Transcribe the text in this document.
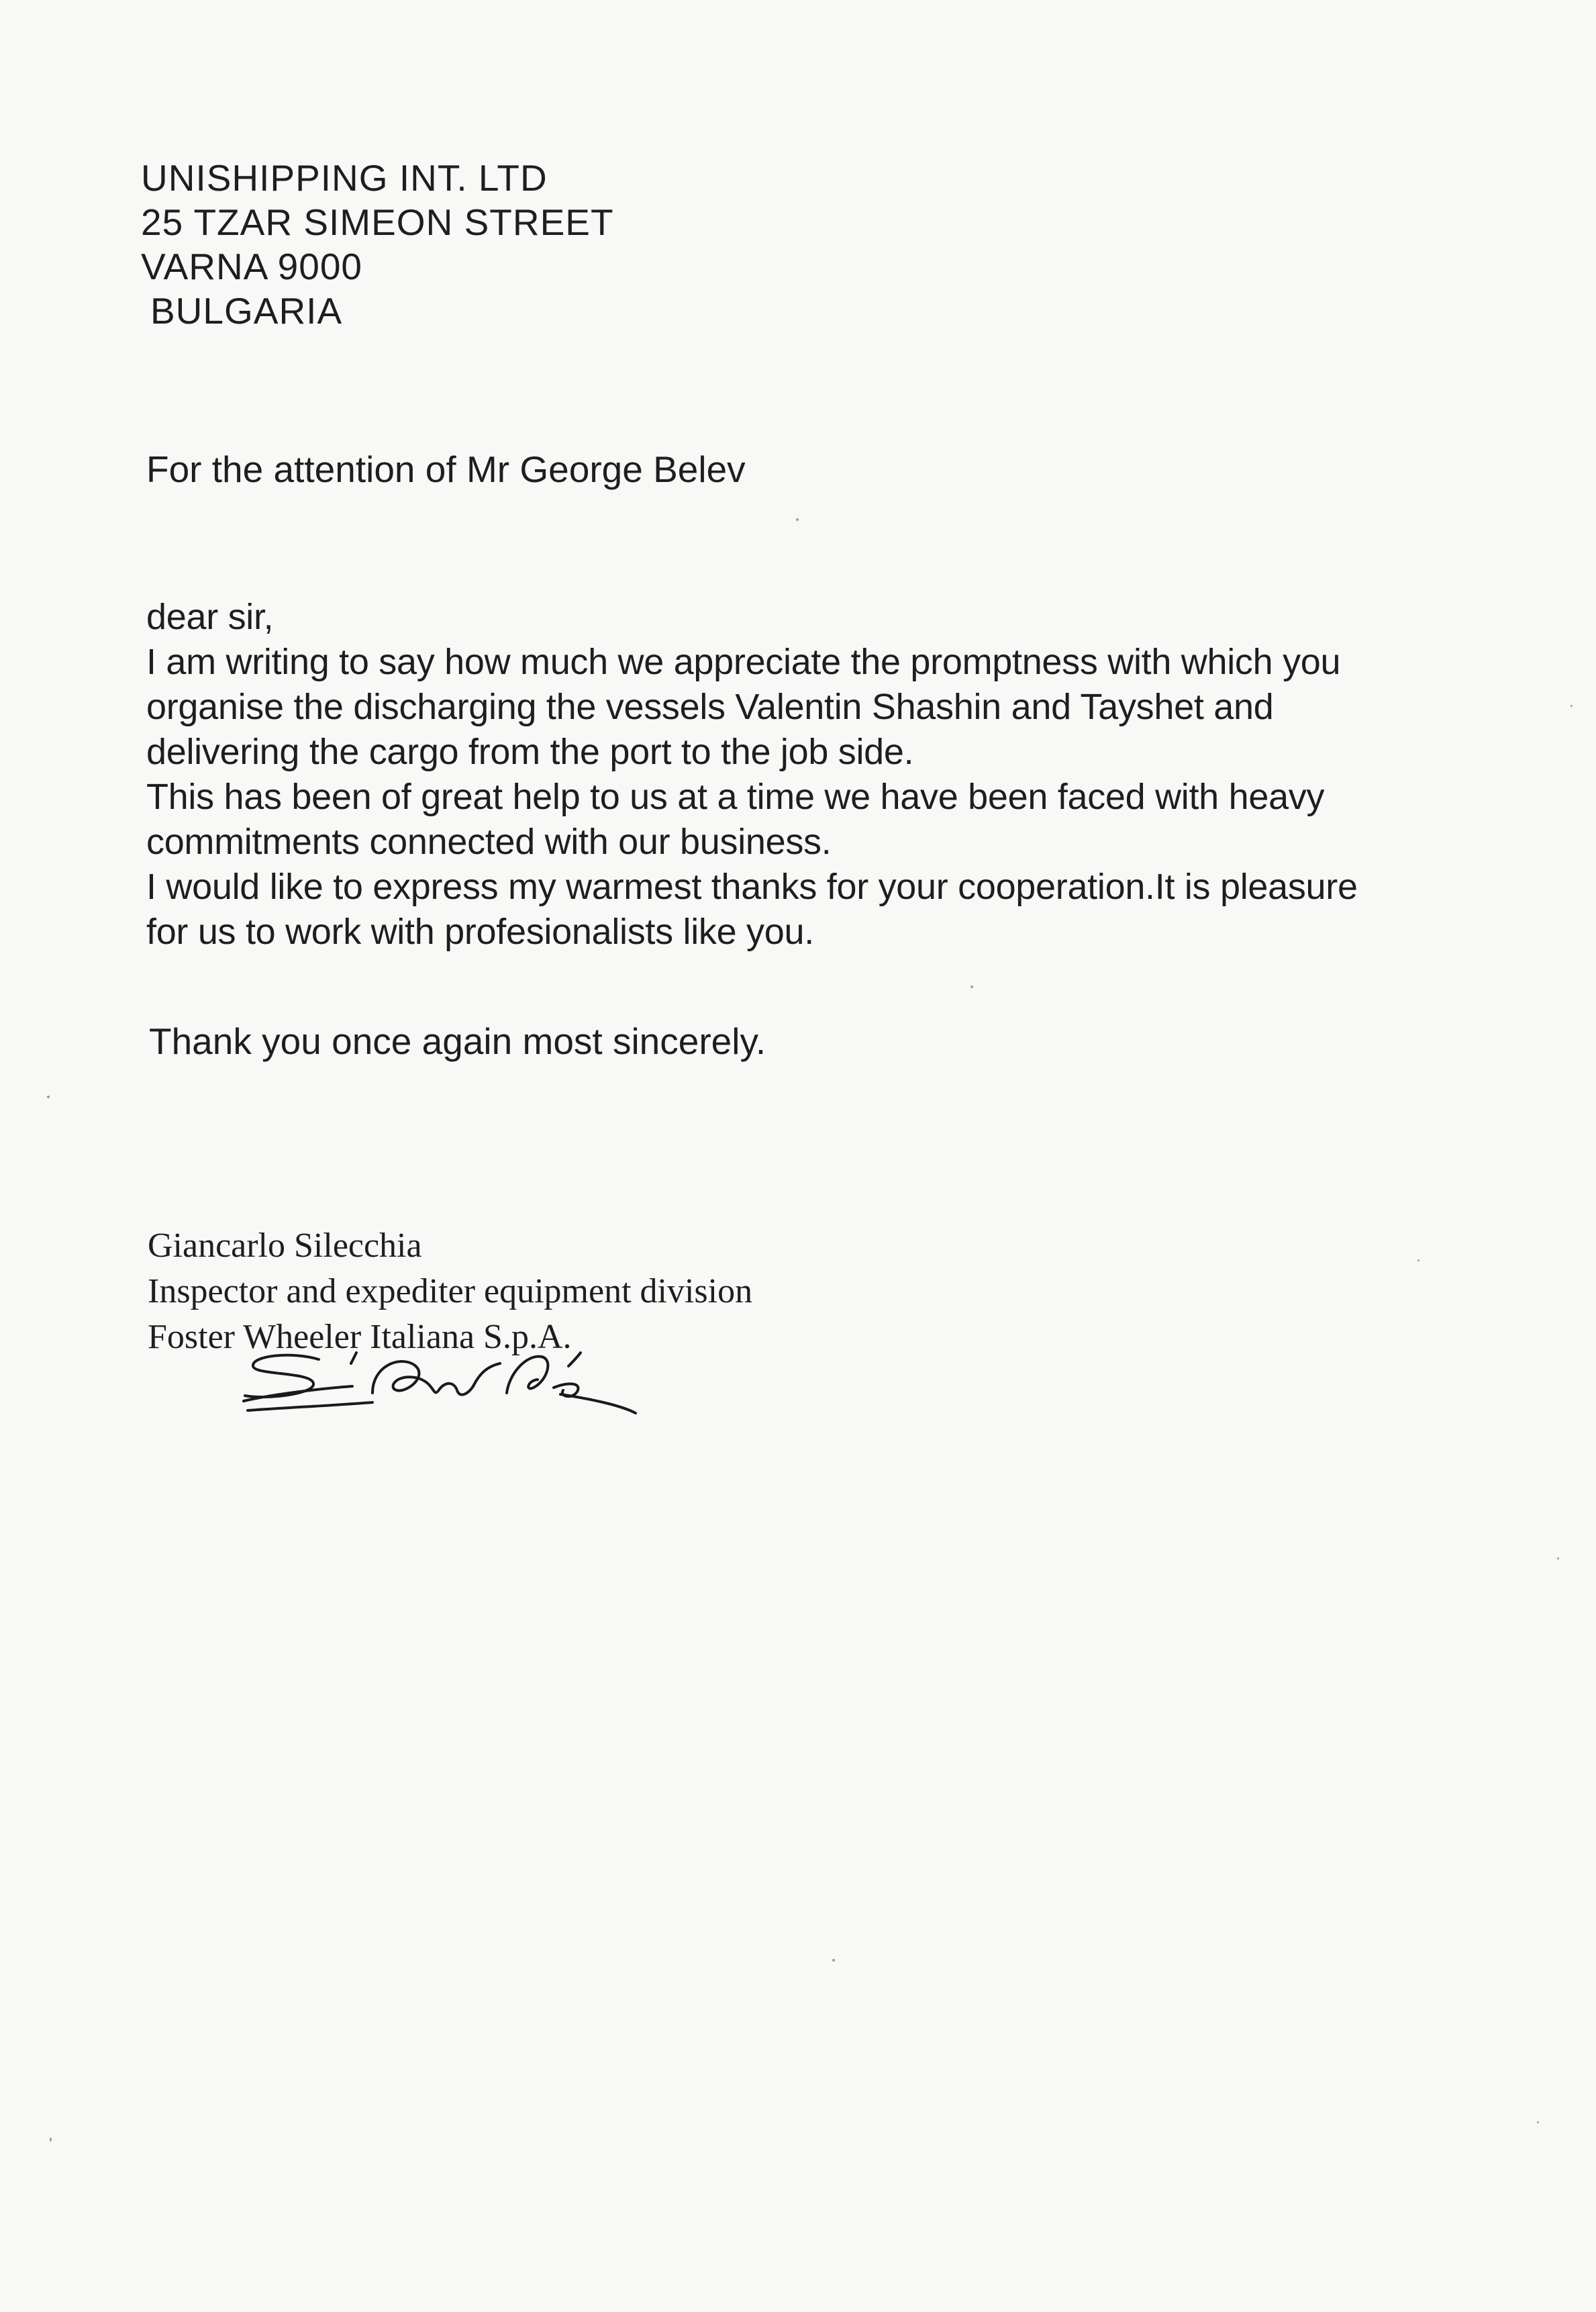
UNISHIPPING INT. LTD
25 TZAR SIMEON STREET
VARNA 9000
BULGARIA
For the attention of Mr George Belev
dear sir,
I am writing to say how much we appreciate the promptness with which you
organise the discharging the vessels Valentin Shashin and Tayshet and
delivering the cargo from the port to the job side.
This has been of great help to us at a time we have been faced with heavy
commitments connected with our business.
I would like to express my warmest thanks for your cooperation.It is pleasure
for us to work with profesionalists like you.
Thank you once again most sincerely.
Giancarlo Silecchia
Inspector and expediter equipment division
Foster Wheeler Italiana S.p.A.
